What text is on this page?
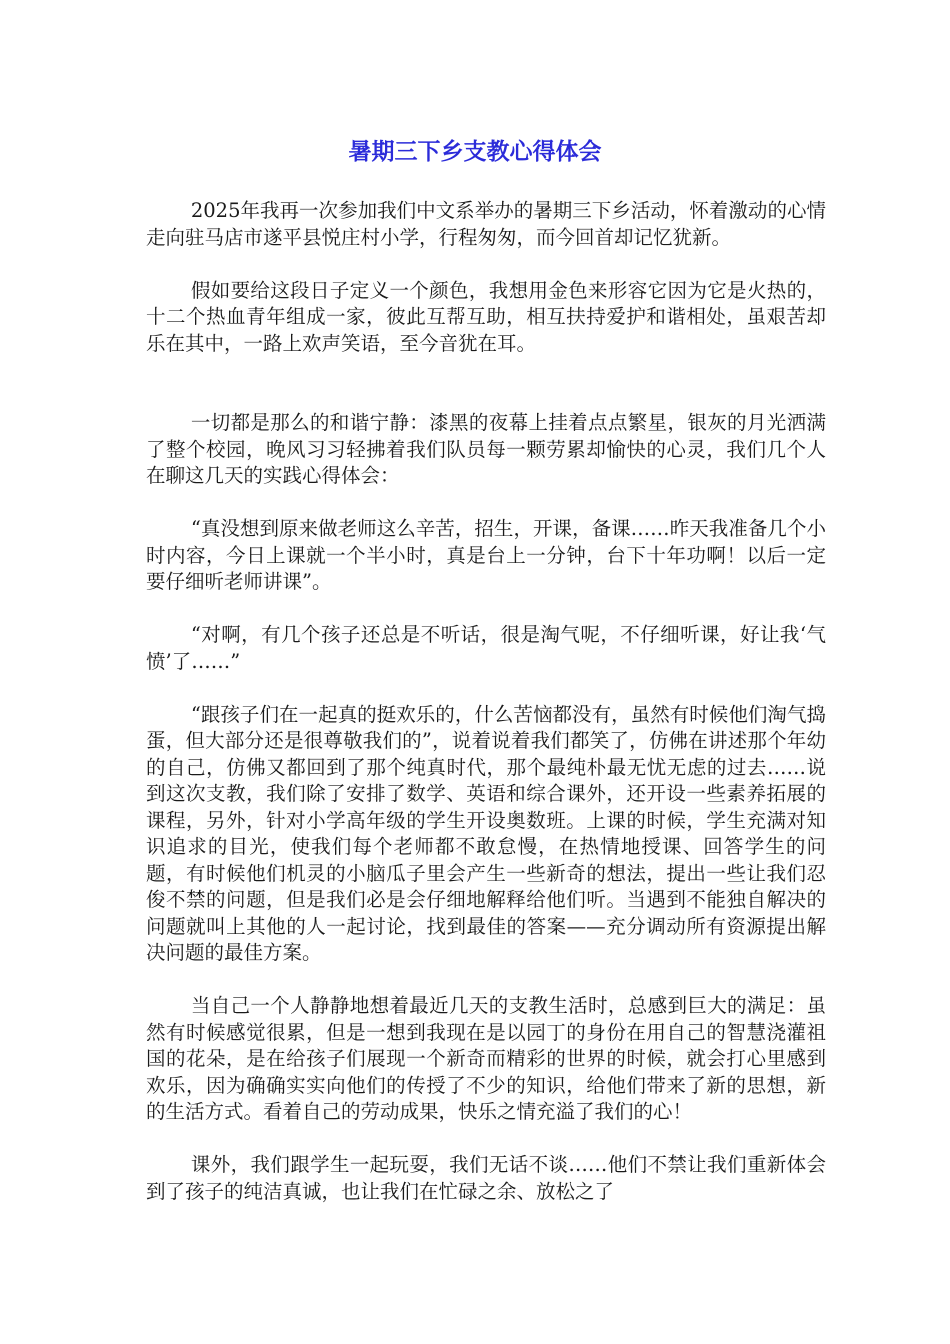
暑期三下乡支教心得体会

2025年我再一次参加我们中文系举办的暑期三下乡活动，怀着激动的心情走向驻马店市遂平县悦庄村小学，行程匆匆，而今回首却记忆犹新。

假如要给这段日子定义一个颜色，我想用金色来形容它因为它是火热的，十二个热血青年组成一家，彼此互帮互助，相互扶持爱护和谐相处，虽艰苦却乐在其中，一路上欢声笑语，至今音犹在耳。

一切都是那么的和谐宁静：漆黑的夜幕上挂着点点繁星，银灰的月光洒满了整个校园，晚风习习轻拂着我们队员每一颗劳累却愉快的心灵，我们几个人在聊这几天的实践心得体会：

“真没想到原来做老师这么辛苦，招生，开课，备课……昨天我准备几个小时内容，今日上课就一个半小时，真是台上一分钟，台下十年功啊！以后一定要仔细听老师讲课”。

“对啊，有几个孩子还总是不听话，很是淘气呢，不仔细听课，好让我‘气愤’了……”

“跟孩子们在一起真的挺欢乐的，什么苦恼都没有，虽然有时候他们淘气捣蛋，但大部分还是很尊敬我们的”，说着说着我们都笑了，仿佛在讲述那个年幼的自己，仿佛又都回到了那个纯真时代，那个最纯朴最无忧无虑的过去……说到这次支教，我们除了安排了数学、英语和综合课外，还开设一些素养拓展的课程，另外，针对小学高年级的学生开设奥数班。上课的时候，学生充满对知识追求的目光，使我们每个老师都不敢怠慢，在热情地授课、回答学生的问题，有时候他们机灵的小脑瓜子里会产生一些新奇的想法，提出一些让我们忍俊不禁的问题，但是我们必是会仔细地解释给他们听。当遇到不能独自解决的问题就叫上其他的人一起讨论，找到最佳的答案——充分调动所有资源提出解决问题的最佳方案。

当自己一个人静静地想着最近几天的支教生活时，总感到巨大的满足：虽然有时候感觉很累，但是一想到我现在是以园丁的身份在用自己的智慧浇灌祖国的花朵，是在给孩子们展现一个新奇而精彩的世界的时候，就会打心里感到欢乐，因为确确实实向他们的传授了不少的知识，给他们带来了新的思想，新的生活方式。看着自己的劳动成果，快乐之情充溢了我们的心！

课外，我们跟学生一起玩耍，我们无话不谈……他们不禁让我们重新体会到了孩子的纯洁真诚，也让我们在忙碌之余、放松之了
